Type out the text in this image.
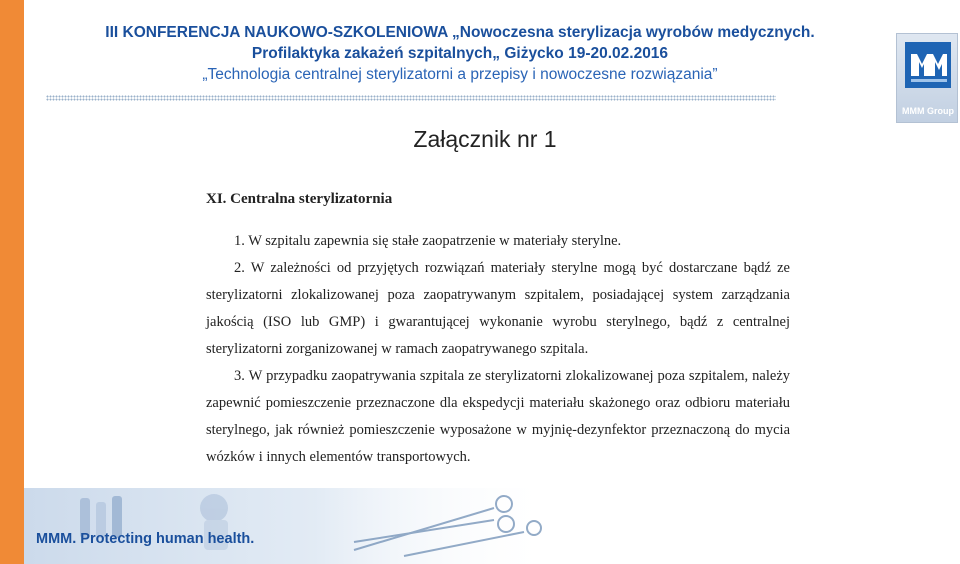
III KONFERENCJA NAUKOWO-SZKOLENIOWA „Nowoczesna sterylizacja wyrobów medycznych.
Profilaktyka zakażeń szpitalnych„ Giżycko 19-20.02.2016
„Technologia centralnej sterylizatorni a przepisy i nowoczesne rozwiązania”
MMM Group
Załącznik nr 1
XI. Centralna sterylizatornia

1. W szpitalu zapewnia się stałe zaopatrzenie w materiały sterylne.

2. W zależności od przyjętych rozwiązań materiały sterylne mogą być dostarczane bądź ze sterylizatorni zlokalizowanej poza zaopatrywanym szpitalem, posiadającej system zarządzania jakością (ISO lub GMP) i gwarantującej wykonanie wyrobu sterylnego, bądź z centralnej sterylizatorni zorganizowanej w ramach zaopatrywanego szpitala.

3. W przypadku zaopatrywania szpitala ze sterylizatorni zlokalizowanej poza szpitalem, należy zapewnić pomieszczenie przeznaczone dla ekspedycji materiału skażonego oraz odbioru materiału sterylnego, jak również pomieszczenie wyposażone w myjnię-dezynfektor przeznaczoną do mycia wózków i innych elementów transportowych.

MMM. Protecting human health.
